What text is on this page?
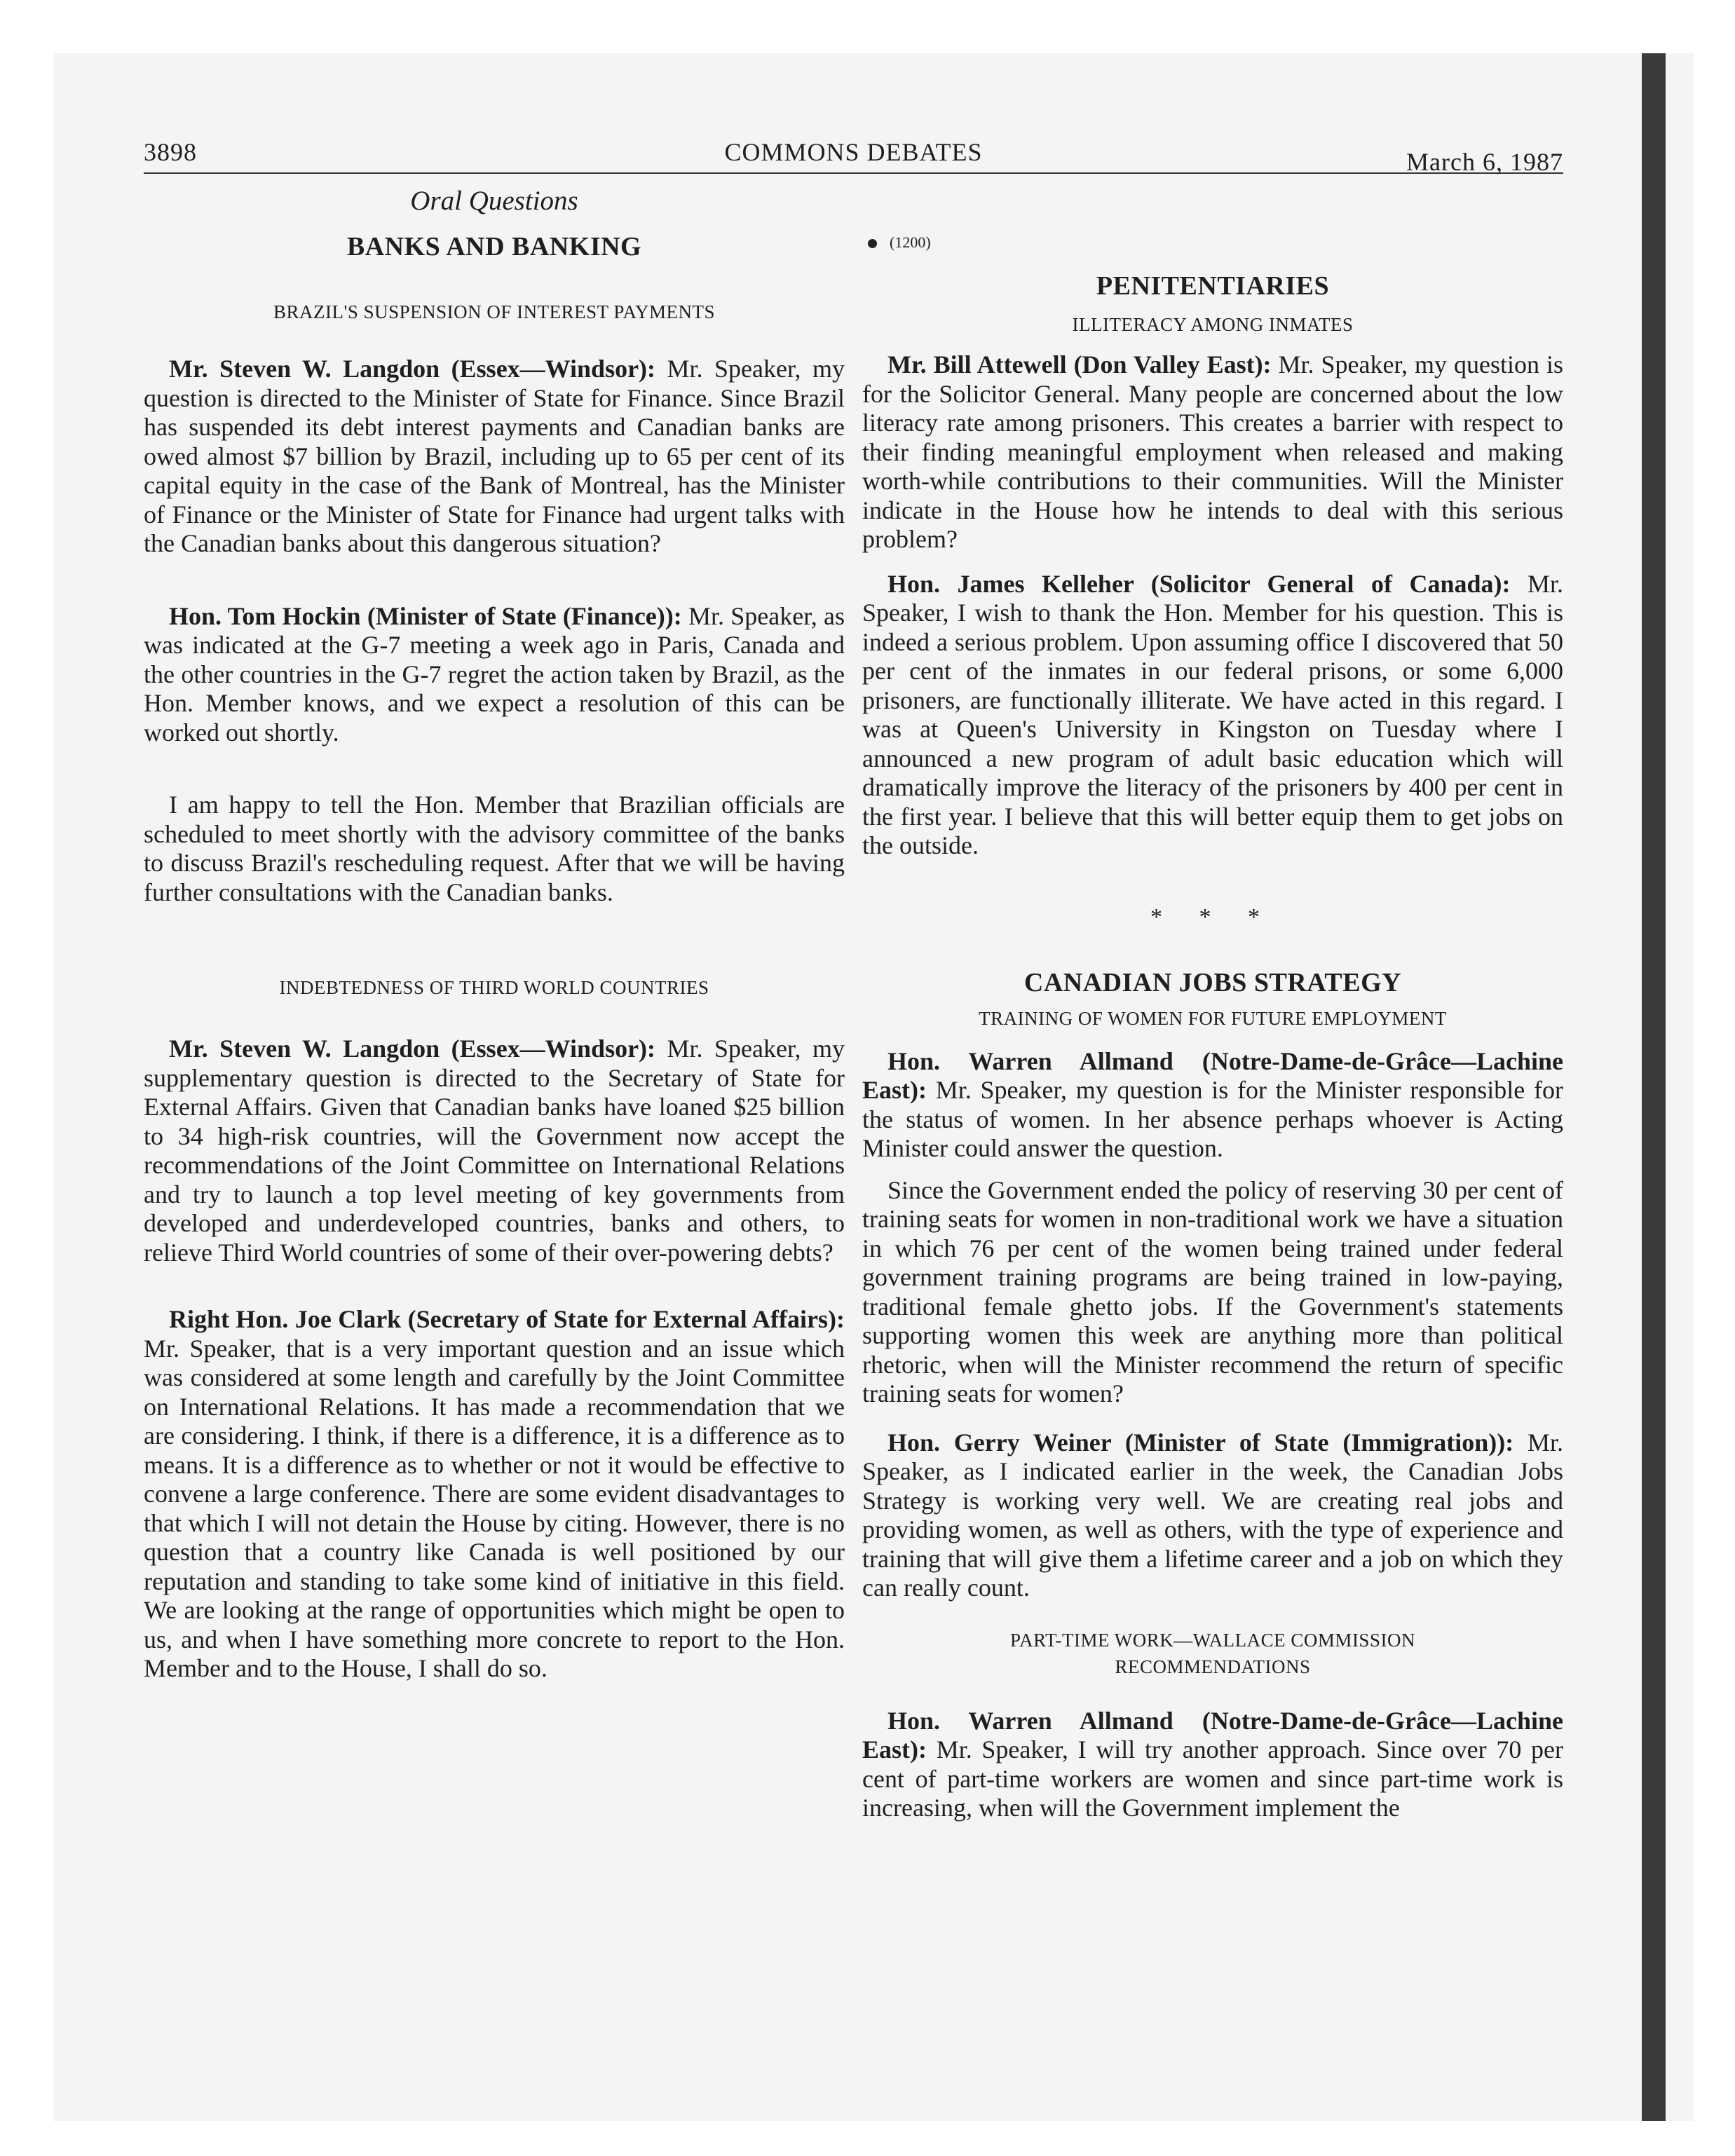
3898	COMMONS DEBATES	March 6, 1987

Oral Questions

BANKS AND BANKING

BRAZIL'S SUSPENSION OF INTEREST PAYMENTS

Mr. Steven W. Langdon (Essex—Windsor): Mr. Speaker, my question is directed to the Minister of State for Finance. Since Brazil has suspended its debt interest payments and Canadian banks are owed almost $7 billion by Brazil, including up to 65 per cent of its capital equity in the case of the Bank of Montreal, has the Minister of Finance or the Minister of State for Finance had urgent talks with the Canadian banks about this dangerous situation?

Hon. Tom Hockin (Minister of State (Finance)): Mr. Speaker, as was indicated at the G-7 meeting a week ago in Paris, Canada and the other countries in the G-7 regret the action taken by Brazil, as the Hon. Member knows, and we expect a resolution of this can be worked out shortly.

I am happy to tell the Hon. Member that Brazilian officials are scheduled to meet shortly with the advisory committee of the banks to discuss Brazil's rescheduling request. After that we will be having further consultations with the Canadian banks.

INDEBTEDNESS OF THIRD WORLD COUNTRIES

Mr. Steven W. Langdon (Essex—Windsor): Mr. Speaker, my supplementary question is directed to the Secretary of State for External Affairs. Given that Canadian banks have loaned $25 billion to 34 high-risk countries, will the Government now accept the recommendations of the Joint Committee on International Relations and try to launch a top level meeting of key governments from developed and underdeveloped countries, banks and others, to relieve Third World countries of some of their over-powering debts?

Right Hon. Joe Clark (Secretary of State for External Affairs): Mr. Speaker, that is a very important question and an issue which was considered at some length and carefully by the Joint Committee on International Relations. It has made a recommendation that we are considering. I think, if there is a difference, it is a difference as to means. It is a difference as to whether or not it would be effective to convene a large conference. There are some evident disadvantages to that which I will not detain the House by citing. However, there is no question that a country like Canada is well positioned by our reputation and standing to take some kind of initiative in this field. We are looking at the range of opportunities which might be open to us, and when I have something more concrete to report to the Hon. Member and to the House, I shall do so.

(1200)

PENITENTIARIES

ILLITERACY AMONG INMATES

Mr. Bill Attewell (Don Valley East): Mr. Speaker, my question is for the Solicitor General. Many people are concerned about the low literacy rate among prisoners. This creates a barrier with respect to their finding meaningful employment when released and making worth-while contributions to their communities. Will the Minister indicate in the House how he intends to deal with this serious problem?

Hon. James Kelleher (Solicitor General of Canada): Mr. Speaker, I wish to thank the Hon. Member for his question. This is indeed a serious problem. Upon assuming office I discovered that 50 per cent of the inmates in our federal prisons, or some 6,000 prisoners, are functionally illiterate. We have acted in this regard. I was at Queen's University in Kingston on Tuesday where I announced a new program of adult basic education which will dramatically improve the literacy of the prisoners by 400 per cent in the first year. I believe that this will better equip them to get jobs on the outside.

* * *

CANADIAN JOBS STRATEGY

TRAINING OF WOMEN FOR FUTURE EMPLOYMENT

Hon. Warren Allmand (Notre-Dame-de-Grâce—Lachine East): Mr. Speaker, my question is for the Minister responsible for the status of women. In her absence perhaps whoever is Acting Minister could answer the question.

Since the Government ended the policy of reserving 30 per cent of training seats for women in non-traditional work we have a situation in which 76 per cent of the women being trained under federal government training programs are being trained in low-paying, traditional female ghetto jobs. If the Government's statements supporting women this week are anything more than political rhetoric, when will the Minister recommend the return of specific training seats for women?

Hon. Gerry Weiner (Minister of State (Immigration)): Mr. Speaker, as I indicated earlier in the week, the Canadian Jobs Strategy is working very well. We are creating real jobs and providing women, as well as others, with the type of experience and training that will give them a lifetime career and a job on which they can really count.

PART-TIME WORK—WALLACE COMMISSION RECOMMENDATIONS

Hon. Warren Allmand (Notre-Dame-de-Grâce—Lachine East): Mr. Speaker, I will try another approach. Since over 70 per cent of part-time workers are women and since part-time work is increasing, when will the Government implement the
